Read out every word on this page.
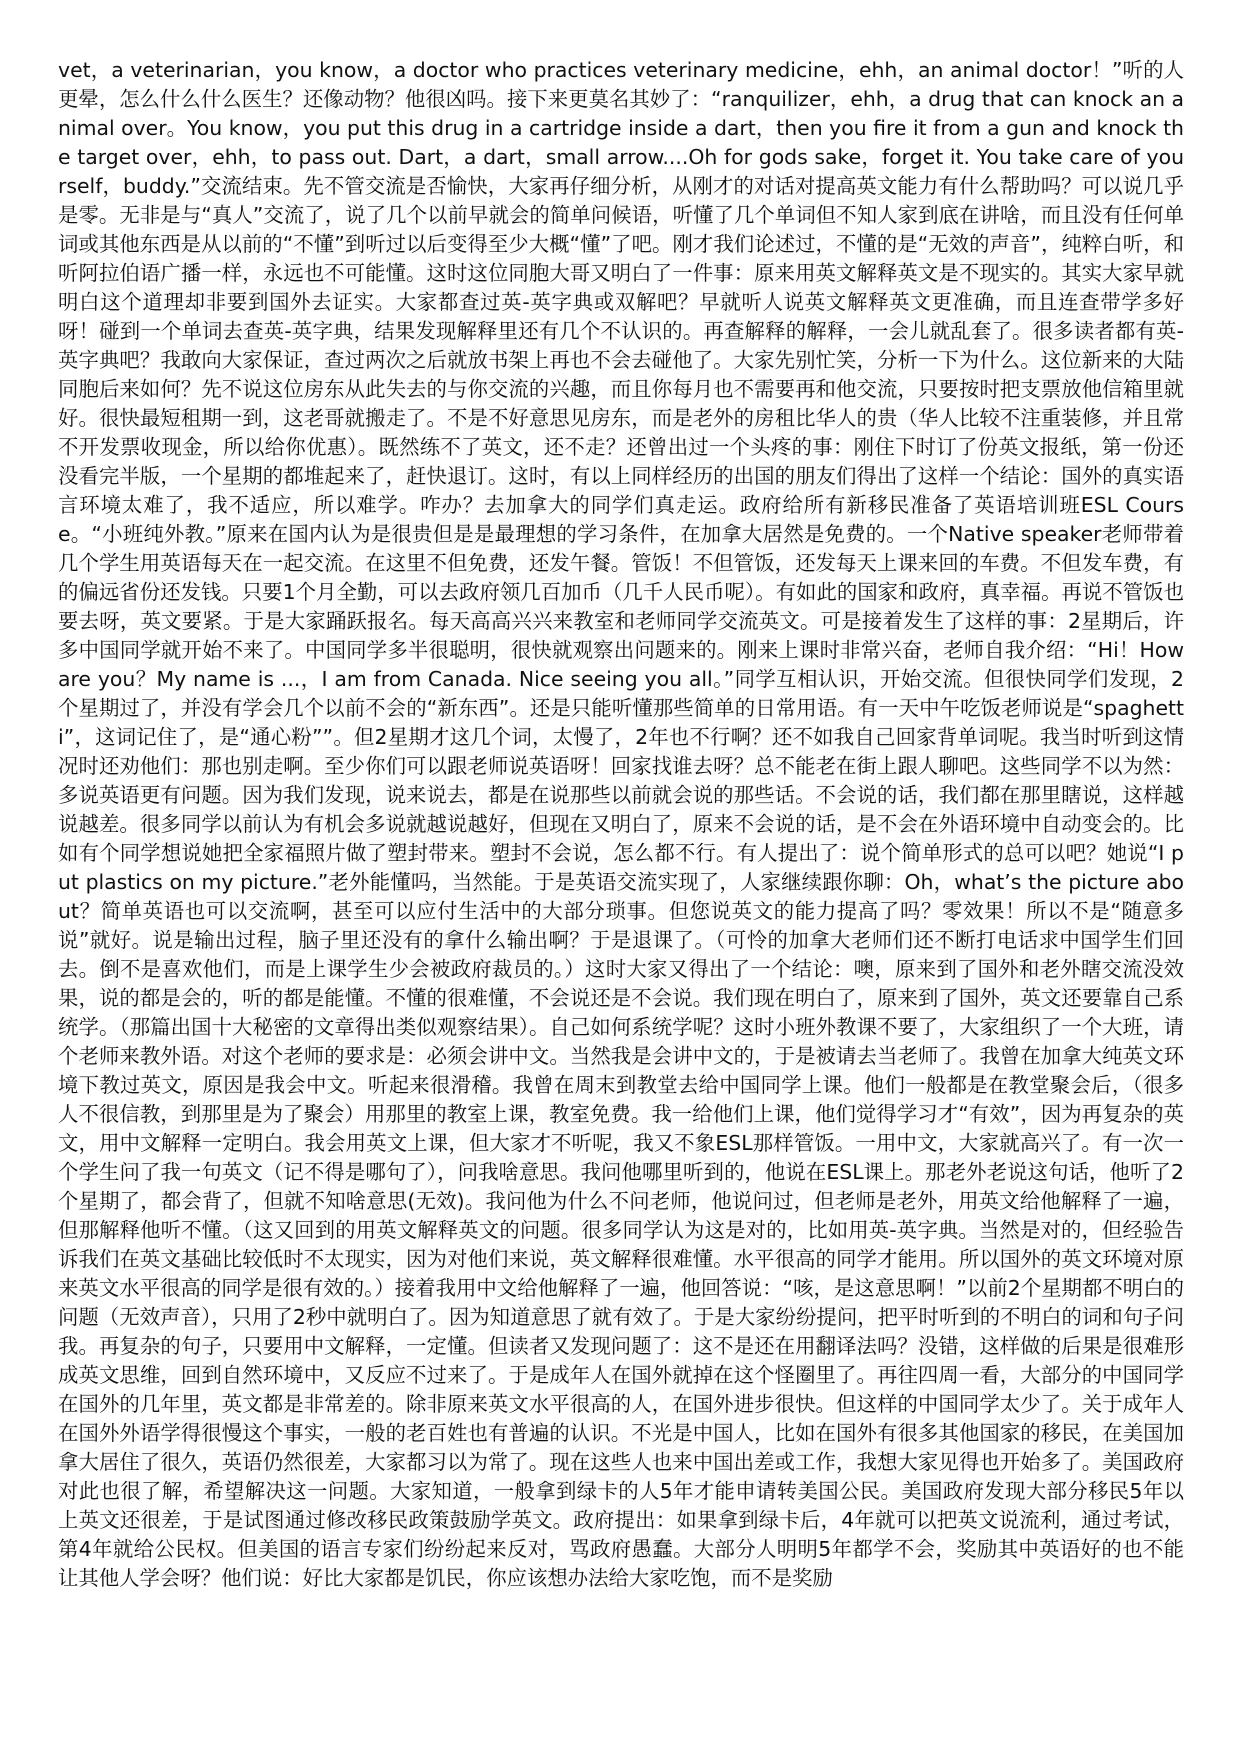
vet，a veterinarian，you know，a doctor who practices veterinary medicine，ehh，an animal doctor！”听的人更晕，怎么什么什么医生？还像动物？他很凶吗。接下来更莫名其妙了：“ranquilizer，ehh，a drug that can knock an animal over。You know，you put this drug in a cartridge inside a dart，then you fire it from a gun and knock the target over，ehh，to pass out. Dart，a dart，small arrow....Oh for gods sake，forget it. You take care of yourself，buddy.”交流结束。先不管交流是否愉快，大家再仔细分析，从刚才的对话对提高英文能力有什么帮助吗？可以说几乎是零。无非是与“真人”交流了，说了几个以前早就会的简单问候语，听懂了几个单词但不知人家到底在讲啥，而且没有任何单词或其他东西是从以前的“不懂”到听过以后变得至少大概“懂”了吧。刚才我们论述过，不懂的是“无效的声音”，纯粹白听，和听阿拉伯语广播一样，永远也不可能懂。这时这位同胞大哥又明白了一件事：原来用英文解释英文是不现实的。其实大家早就明白这个道理却非要到国外去证实。大家都查过英-英字典或双解吧？早就听人说英文解释英文更准确，而且连查带学多好呀！碰到一个单词去查英-英字典，结果发现解释里还有几个不认识的。再查解释的解释，一会儿就乱套了。很多读者都有英-英字典吧？我敢向大家保证，查过两次之后就放书架上再也不会去碰他了。大家先别忙笑，分析一下为什么。这位新来的大陆同胞后来如何？先不说这位房东从此失去的与你交流的兴趣，而且你每月也不需要再和他交流，只要按时把支票放他信箱里就好。很快最短租期一到，这老哥就搬走了。不是不好意思见房东，而是老外的房租比华人的贵（华人比较不注重装修，并且常不开发票收现金，所以给你优惠）。既然练不了英文，还不走？还曾出过一个头疼的事：刚住下时订了份英文报纸，第一份还没看完半版，一个星期的都堆起来了，赶快退订。这时，有以上同样经历的出国的朋友们得出了这样一个结论：国外的真实语言环境太难了，我不适应，所以难学。咋办？去加拿大的同学们真走运。政府给所有新移民准备了英语培训班ESL Course。“小班纯外教。”原来在国内认为是很贵但是是最理想的学习条件，在加拿大居然是免费的。一个Native speaker老师带着几个学生用英语每天在一起交流。在这里不但免费，还发午餐。管饭！不但管饭，还发每天上课来回的车费。不但发车费，有的偏远省份还发钱。只要1个月全勤，可以去政府领几百加币（几千人民币呢）。有如此的国家和政府，真幸福。再说不管饭也要去呀，英文要紧。于是大家踊跃报名。每天高高兴兴来教室和老师同学交流英文。可是接着发生了这样的事：2星期后，许多中国同学就开始不来了。中国同学多半很聪明，很快就观察出问题来的。刚来上课时非常兴奋，老师自我介绍：“Hi！How are you？My name is ...，I am from Canada. Nice seeing you all。”同学互相认识，开始交流。但很快同学们发现，2个星期过了，并没有学会几个以前不会的“新东西”。还是只能听懂那些简单的日常用语。有一天中午吃饭老师说是“spaghetti”，这词记住了，是“通心粉””。但2星期才这几个词，太慢了，2年也不行啊？还不如我自己回家背单词呢。我当时听到这情况时还劝他们：那也别走啊。至少你们可以跟老师说英语呀！回家找谁去呀？总不能老在街上跟人聊吧。这些同学不以为然：多说英语更有问题。因为我们发现，说来说去，都是在说那些以前就会说的那些话。不会说的话，我们都在那里瞎说，这样越说越差。很多同学以前认为有机会多说就越说越好，但现在又明白了，原来不会说的话，是不会在外语环境中自动变会的。比如有个同学想说她把全家福照片做了塑封带来。塑封不会说，怎么都不行。有人提出了：说个简单形式的总可以吧？她说“I put plastics on my picture.”老外能懂吗，当然能。于是英语交流实现了，人家继续跟你聊：Oh，what’s the picture about？简单英语也可以交流啊，甚至可以应付生活中的大部分琐事。但您说英文的能力提高了吗？零效果！所以不是“随意多说”就好。说是输出过程，脑子里还没有的拿什么输出啊？于是退课了。（可怜的加拿大老师们还不断打电话求中国学生们回去。倒不是喜欢他们，而是上课学生少会被政府裁员的。）这时大家又得出了一个结论：噢，原来到了国外和老外瞎交流没效果，说的都是会的，听的都是能懂。不懂的很难懂，不会说还是不会说。我们现在明白了，原来到了国外，英文还要靠自己系统学。（那篇出国十大秘密的文章得出类似观察结果）。自己如何系统学呢？这时小班外教课不要了，大家组织了一个大班，请个老师来教外语。对这个老师的要求是：必须会讲中文。当然我是会讲中文的，于是被请去当老师了。我曾在加拿大纯英文环境下教过英文，原因是我会中文。听起来很滑稽。我曾在周末到教堂去给中国同学上课。他们一般都是在教堂聚会后，（很多人不很信教，到那里是为了聚会）用那里的教室上课，教室免费。我一给他们上课，他们觉得学习才“有效”，因为再复杂的英文，用中文解释一定明白。我会用英文上课，但大家才不听呢，我又不象ESL那样管饭。一用中文，大家就高兴了。有一次一个学生问了我一句英文（记不得是哪句了），问我啥意思。我问他哪里听到的，他说在ESL课上。那老外老说这句话，他听了2个星期了，都会背了，但就不知啥意思(无效)。我问他为什么不问老师，他说问过，但老师是老外，用英文给他解释了一遍，但那解释他听不懂。（这又回到的用英文解释英文的问题。很多同学认为这是对的，比如用英-英字典。当然是对的，但经验告诉我们在英文基础比较低时不太现实，因为对他们来说，英文解释很难懂。水平很高的同学才能用。所以国外的英文环境对原来英文水平很高的同学是很有效的。）接着我用中文给他解释了一遍，他回答说：“咳，是这意思啊！”以前2个星期都不明白的问题（无效声音），只用了2秒中就明白了。因为知道意思了就有效了。于是大家纷纷提问，把平时听到的不明白的词和句子问我。再复杂的句子，只要用中文解释，一定懂。但读者又发现问题了：这不是还在用翻译法吗？没错，这样做的后果是很难形成英文思维，回到自然环境中，又反应不过来了。于是成年人在国外就掉在这个怪圈里了。再往四周一看，大部分的中国同学在国外的几年里，英文都是非常差的。除非原来英文水平很高的人，在国外进步很快。但这样的中国同学太少了。关于成年人在国外外语学得很慢这个事实，一般的老百姓也有普遍的认识。不光是中国人，比如在国外有很多其他国家的移民，在美国加拿大居住了很久，英语仍然很差，大家都习以为常了。现在这些人也来中国出差或工作，我想大家见得也开始多了。美国政府对此也很了解，希望解决这一问题。大家知道，一般拿到绿卡的人5年才能申请转美国公民。美国政府发现大部分移民5年以上英文还很差，于是试图通过修改移民政策鼓励学英文。政府提出：如果拿到绿卡后，4年就可以把英文说流利，通过考试，第4年就给公民权。但美国的语言专家们纷纷起来反对，骂政府愚蠢。大部分人明明5年都学不会，奖励其中英语好的也不能让其他人学会呀？他们说：好比大家都是饥民，你应该想办法给大家吃饱，而不是奖励
